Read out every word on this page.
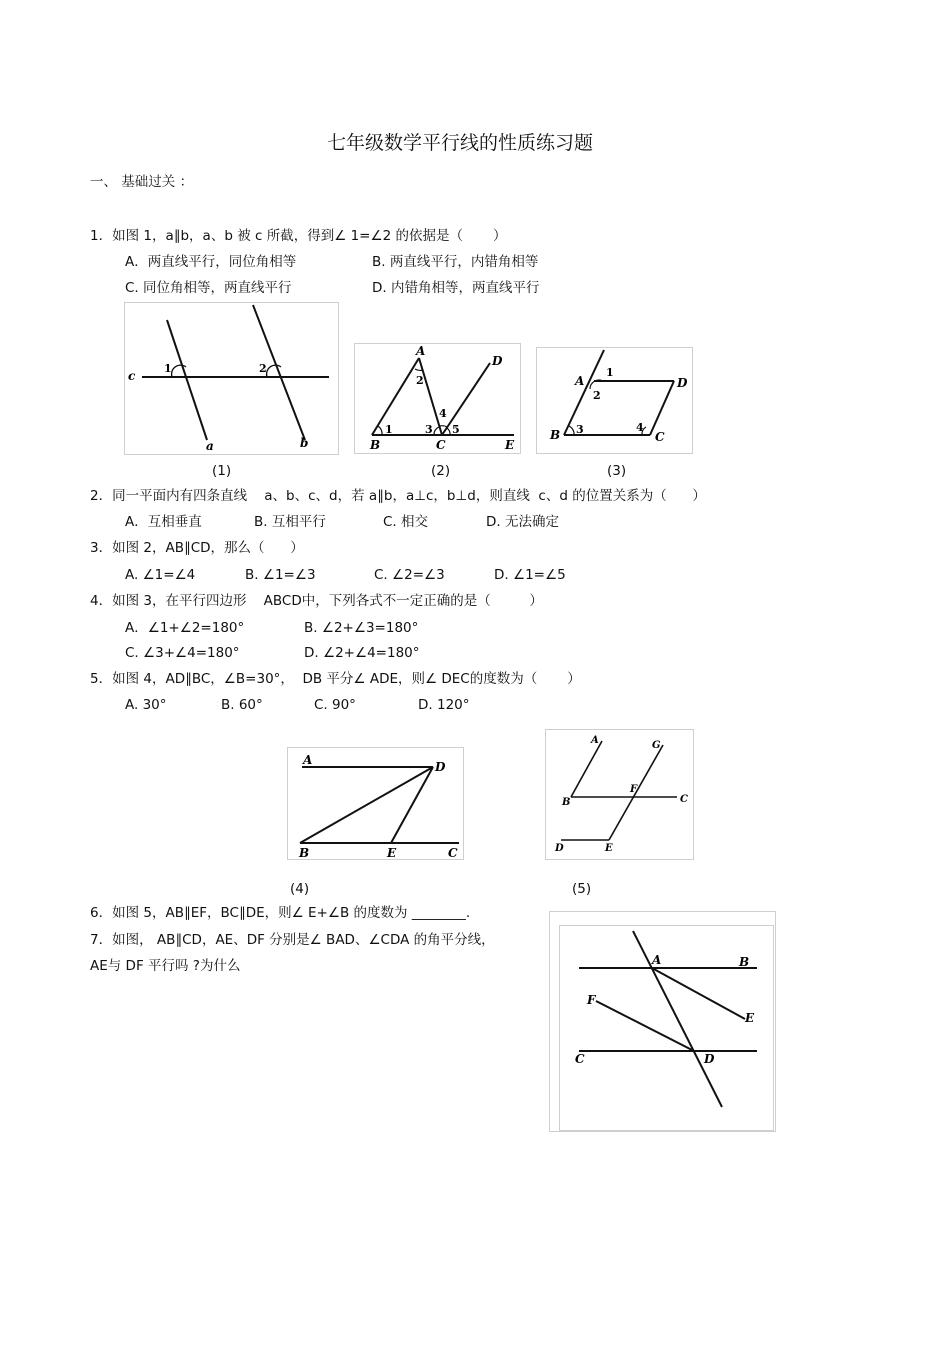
七年级数学平行线的性质练习题
一、 基础过关 ：
1．如图 1，a∥b，a、b 被 c 所截，得到∠ 1=∠2 的依据是（       ）
A．两直线平行，同位角相等	B. 两直线平行，内错角相等
C. 同位角相等，两直线平行	D. 内错角相等，两直线平行
c
1	2
a	b
A
D
B	C	E
1
2
3
4
5
A	D
B	C
1
2
3	4
(1)	(2)	(3)
2．同一平面内有四条直线    a、b、c、d，若 a∥b，a⊥c，b⊥d，则直线  c、d 的位置关系为（      ）
A．互相垂直	B. 互相平行	C. 相交	D. 无法确定
3．如图 2，AB∥CD，那么（      ）
A. ∠1=∠4	B. ∠1=∠3	C. ∠2=∠3	D. ∠1=∠5
4．如图 3，在平行四边形    ABCD中，下列各式不一定正确的是（         ）
A．∠1+∠2=180°	B. ∠2+∠3=180°
C. ∠3+∠4=180°	D. ∠2+∠4=180°
5．如图 4，AD∥BC，∠B=30°，  DB 平分∠ ADE，则∠ DEC的度数为（       ）
A. 30°	B. 60°	C. 90°	D. 120°
A	D
B	E	C
A	G
F
B	C
D	E
(4)	(5)
6．如图 5，AB∥EF，BC∥DE，则∠ E+∠B 的度数为 ________.
7．如图， AB∥CD，AE、DF 分别是∠ BAD、∠CDA 的角平分线，
AE与 DF 平行吗 ?为什么	A	B
F
E
C	D
